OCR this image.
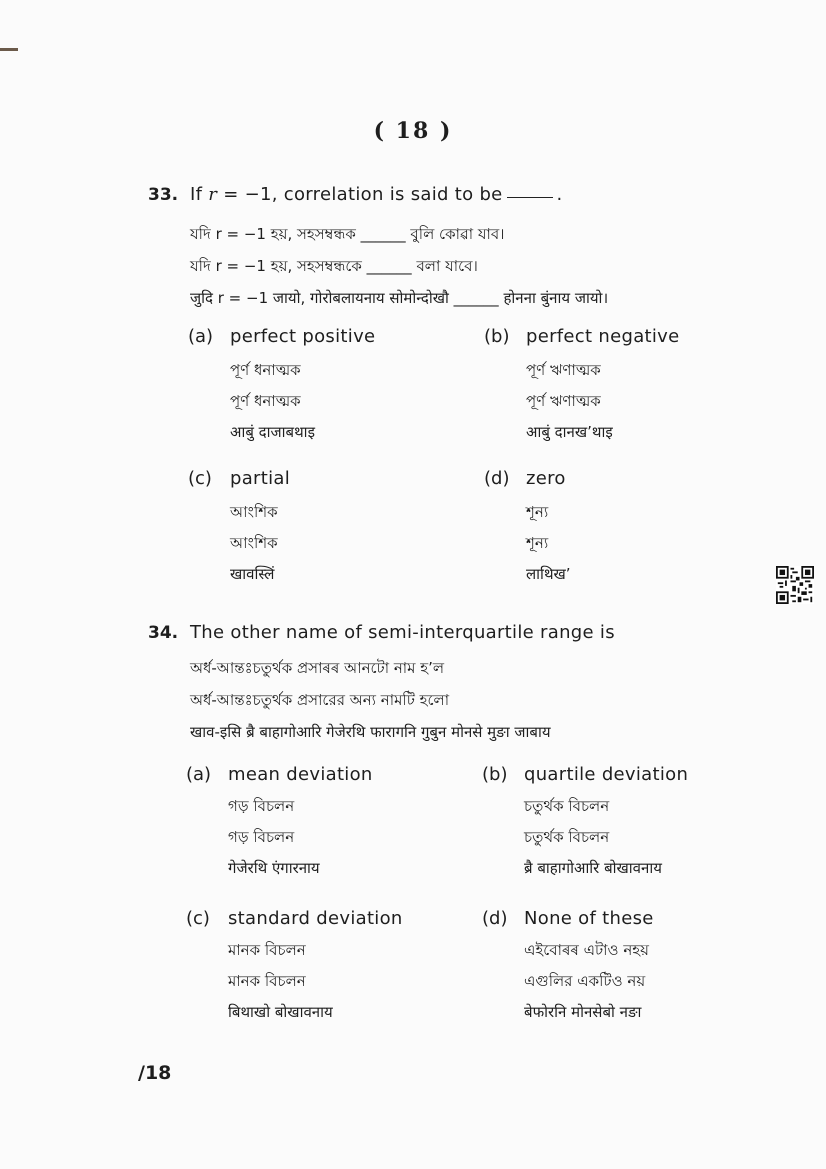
( 18 )
33. If r = −1, correlation is said to be	.
যদি r = −1 হয়, সহসম্বন্ধক ______ বুলি কোৱা যাব।
যদি r = −1 হয়, সহসম্বন্ধকে ______ বলা যাবে।
जुदि r = −1 जायो, गोरोबलायनाय सोमोन्दोखौ ______ होनना बुंनाय जायो।
(a) perfect positive
পূৰ্ণ ধনাত্মক
পূর্ণ ধনাত্মক
आबुं दाजाबथाइ
(b) perfect negative
পূৰ্ণ ঋণাত্মক
পূর্ণ ঋণাত্মক
आबुं दानख’थाइ
(c)	partial
আংশিক
আংশিক
खावस्लिं
(d) zero
শূন্য
শূন্য
लाथिख’
34. The other name of semi-interquartile range is
অৰ্ধ-আন্তঃচতুৰ্থক প্ৰসাৰৰ আনটো নাম হ’ল
অর্ধ-আন্তঃচতুর্থক প্রসারের অন্য নামটি হলো
खाव-इसि ब्रै बाहागोआरि गेजेरथि फारागनि गुबुन मोनसे मुङा जाबाय
(a) mean deviation
গড় বিচলন
গড় বিচলন
गेजेरथि एंगारनाय
(b) quartile deviation
চতুৰ্থক বিচলন
চতুর্থক বিচলন
ब्रै बाहागोआरि बोखावनाय
(c)	standard deviation
মানক বিচলন
মানক বিচলন
बिथाखो बोखावनाय
(d) None of these
এইবোৰৰ এটাও নহয়
এগুলির একটিও নয়
बेफोरनि मोनसेबो नङा
/18
